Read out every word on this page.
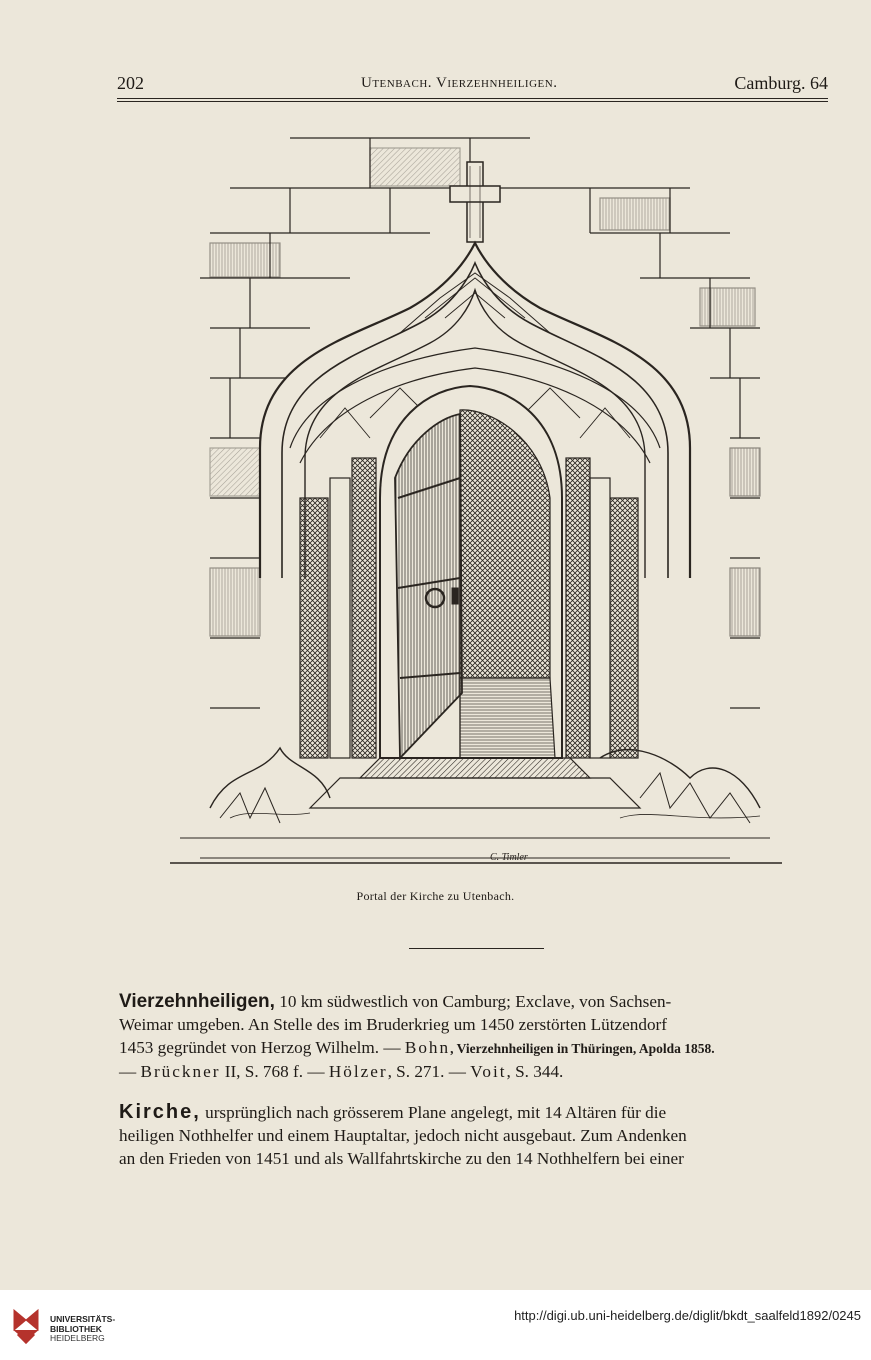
202	Utenbach. Vierzehnheiligen.	Camburg. 64
C. Timler
Portal der Kirche zu Utenbach.
Vierzehnheiligen, 10 km südwestlich von Camburg; Exclave, von Sachsen-
Weimar umgeben. An Stelle des im Bruderkrieg um 1450 zerstörten Lützendorf
1453 gegründet von Herzog Wilhelm. — Bohn, Vierzehnheiligen in Thüringen, Apolda 1858.
— Brückner II, S. 768 f. — Hölzer, S. 271. — Voit, S. 344.
Kirche, ursprünglich nach grösserem Plane angelegt, mit 14 Altären für die
heiligen Nothhelfer und einem Hauptaltar, jedoch nicht ausgebaut. Zum Andenken
an den Frieden von 1451 und als Wallfahrtskirche zu den 14 Nothhelfern bei einer
UNIVERSITÄTS-
BIBLIOTHEK
HEIDELBERG
http://digi.ub.uni-heidelberg.de/diglit/bkdt_saalfeld1892/0245
